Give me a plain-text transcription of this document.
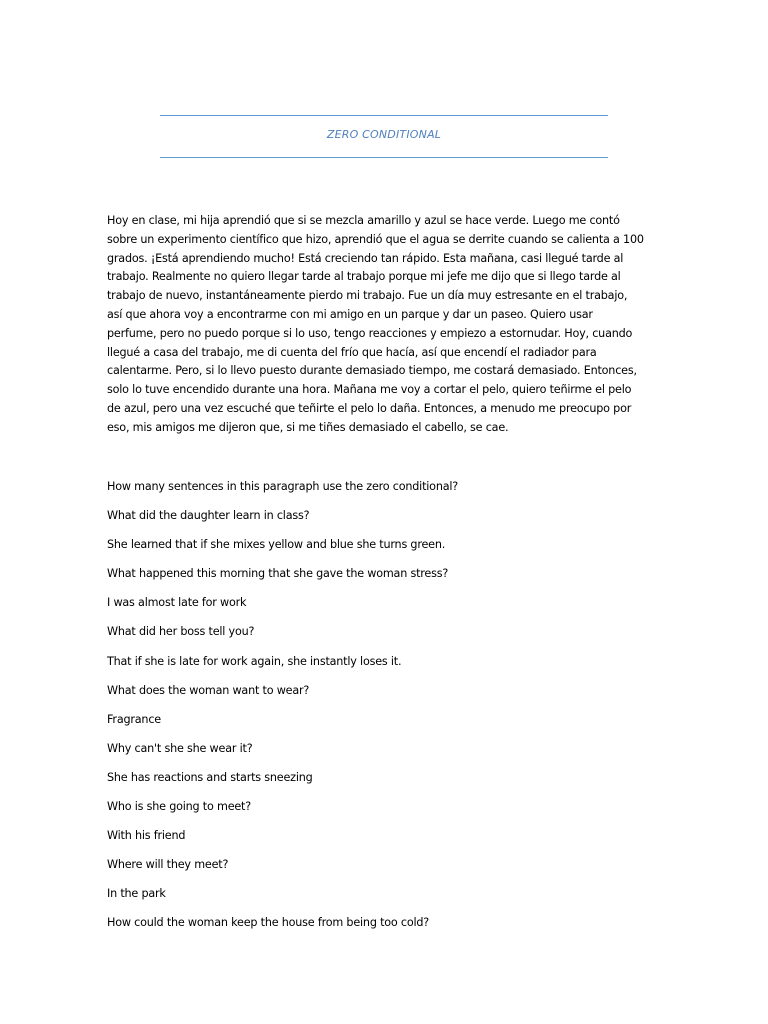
ZERO CONDITIONAL
Hoy en clase, mi hija aprendió que si se mezcla amarillo y azul se hace verde. Luego me contó
sobre un experimento científico que hizo, aprendió que el agua se derrite cuando se calienta a 100
grados. ¡Está aprendiendo mucho! Está creciendo tan rápido. Esta mañana, casi llegué tarde al
trabajo. Realmente no quiero llegar tarde al trabajo porque mi jefe me dijo que si llego tarde al
trabajo de nuevo, instantáneamente pierdo mi trabajo. Fue un día muy estresante en el trabajo,
así que ahora voy a encontrarme con mi amigo en un parque y dar un paseo. Quiero usar
perfume, pero no puedo porque si lo uso, tengo reacciones y empiezo a estornudar. Hoy, cuando
llegué a casa del trabajo, me di cuenta del frío que hacía, así que encendí el radiador para
calentarme. Pero, si lo llevo puesto durante demasiado tiempo, me costará demasiado. Entonces,
solo lo tuve encendido durante una hora. Mañana me voy a cortar el pelo, quiero teñirme el pelo
de azul, pero una vez escuché que teñirte el pelo lo daña. Entonces, a menudo me preocupo por
eso, mis amigos me dijeron que, si me tiñes demasiado el cabello, se cae.
How many sentences in this paragraph use the zero conditional?
What did the daughter learn in class?
She learned that if she mixes yellow and blue she turns green.
What happened this morning that she gave the woman stress?
I was almost late for work
What did her boss tell you?
That if she is late for work again, she instantly loses it.
What does the woman want to wear?
Fragrance
Why can't she she wear it?
She has reactions and starts sneezing
Who is she going to meet?
With his friend
Where will they meet?
In the park
How could the woman keep the house from being too cold?
